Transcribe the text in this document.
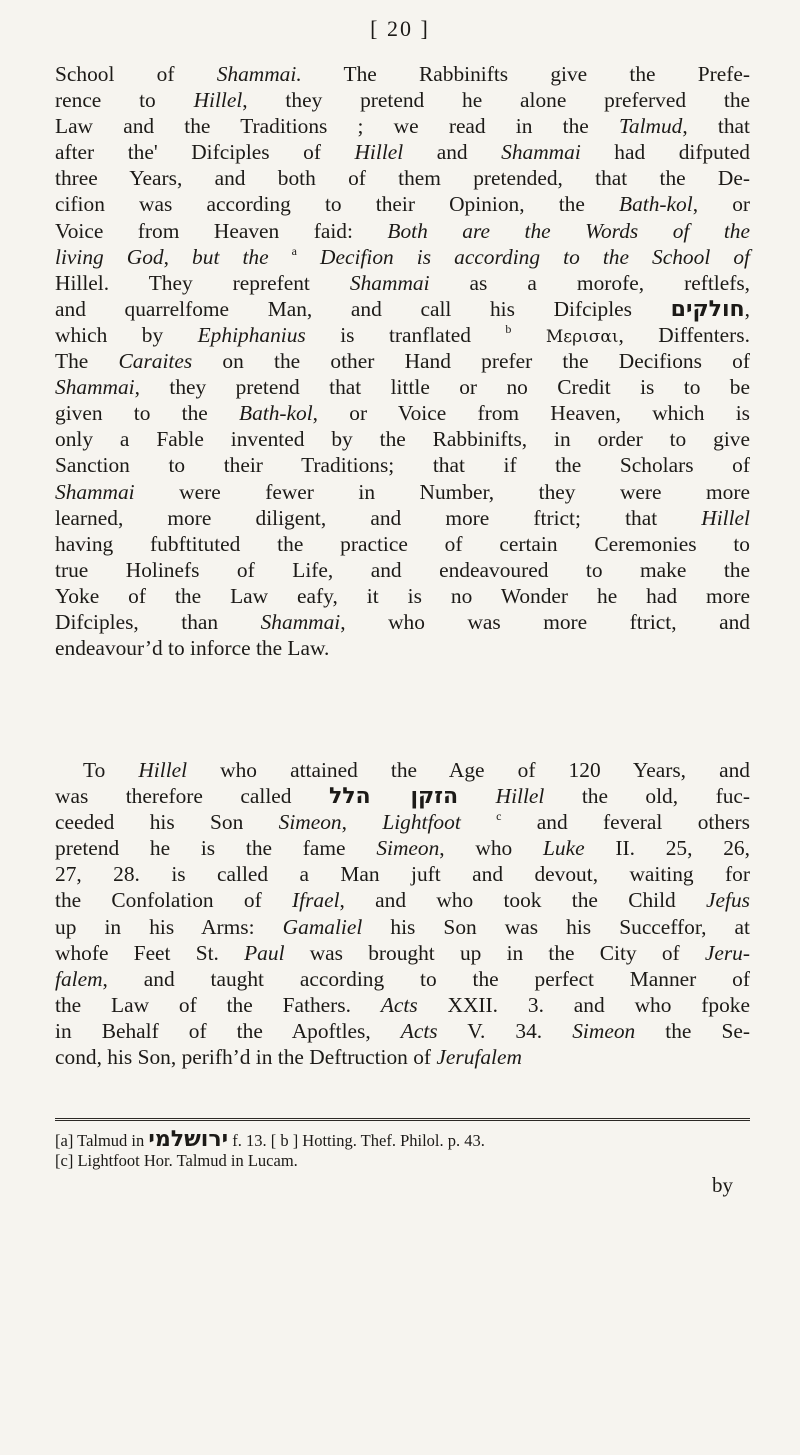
[ 20 ]
School of Shammai. The Rabbinifts give the Prefe-
rence to Hillel, they pretend he alone preferved the
Law and the Traditions ; we read in the Talmud, that
after the' Difciples of Hillel and Shammai had difputed
three Years, and both of them pretended, that the De-
cifion was according to their Opinion, the Bath-kol, or
Voice from Heaven faid: Both are the Words of the
living God, but the $^a$ Decifion is according to the School of
Hillel. They reprefent Shammai as a morofe, reftlefs,
and quarrelfome Man, and call his Difciples חולקים,
which by Ephiphanius is tranflated $^b$ Μερισαι, Diffenters.
The Caraites on the other Hand prefer the Decifions of
Shammai, they pretend that little or no Credit is to be
given to the Bath-kol, or Voice from Heaven, which is
only a Fable invented by the Rabbinifts, in order to give
Sanction to their Traditions; that if the Scholars of
Shammai were fewer in Number, they were more
learned, more diligent, and more ftrict; that Hillel
having fubftituted the practice of certain Ceremonies to
true Holinefs of Life, and endeavoured to make the
Yoke of the Law eafy, it is no Wonder he had more
Difciples, than Shammai, who was more ftrict, and
endeavour’d to inforce the Law.
To Hillel who attained the Age of 120 Years, and
was therefore called הזקן הלל Hillel the old, fuc-
ceeded his Son Simeon, Lightfoot	$^c$ and feveral others
pretend he is the fame Simeon, who Luke II. 25, 26,
27, 28. is called a Man juft and devout, waiting for
the Confolation of Ifrael, and who took the Child Jefus
up in his Arms: Gamaliel his Son was his Succeffor, at
whofe Feet St. Paul was brought up in the City of Jeru-
falem, and taught according to the perfect Manner of
the Law of the Fathers. Acts XXII. 3. and who fpoke
in Behalf of the Apoftles, Acts V. 34. Simeon the Se-
cond, his Son, perifh’d in the Deftruction of Jerufalem
[a] Talmud in ירושלמי f. 13. [ b ] Hotting. Thef. Philol. p. 43.
[c] Lightfoot Hor. Talmud in Lucam.
by
